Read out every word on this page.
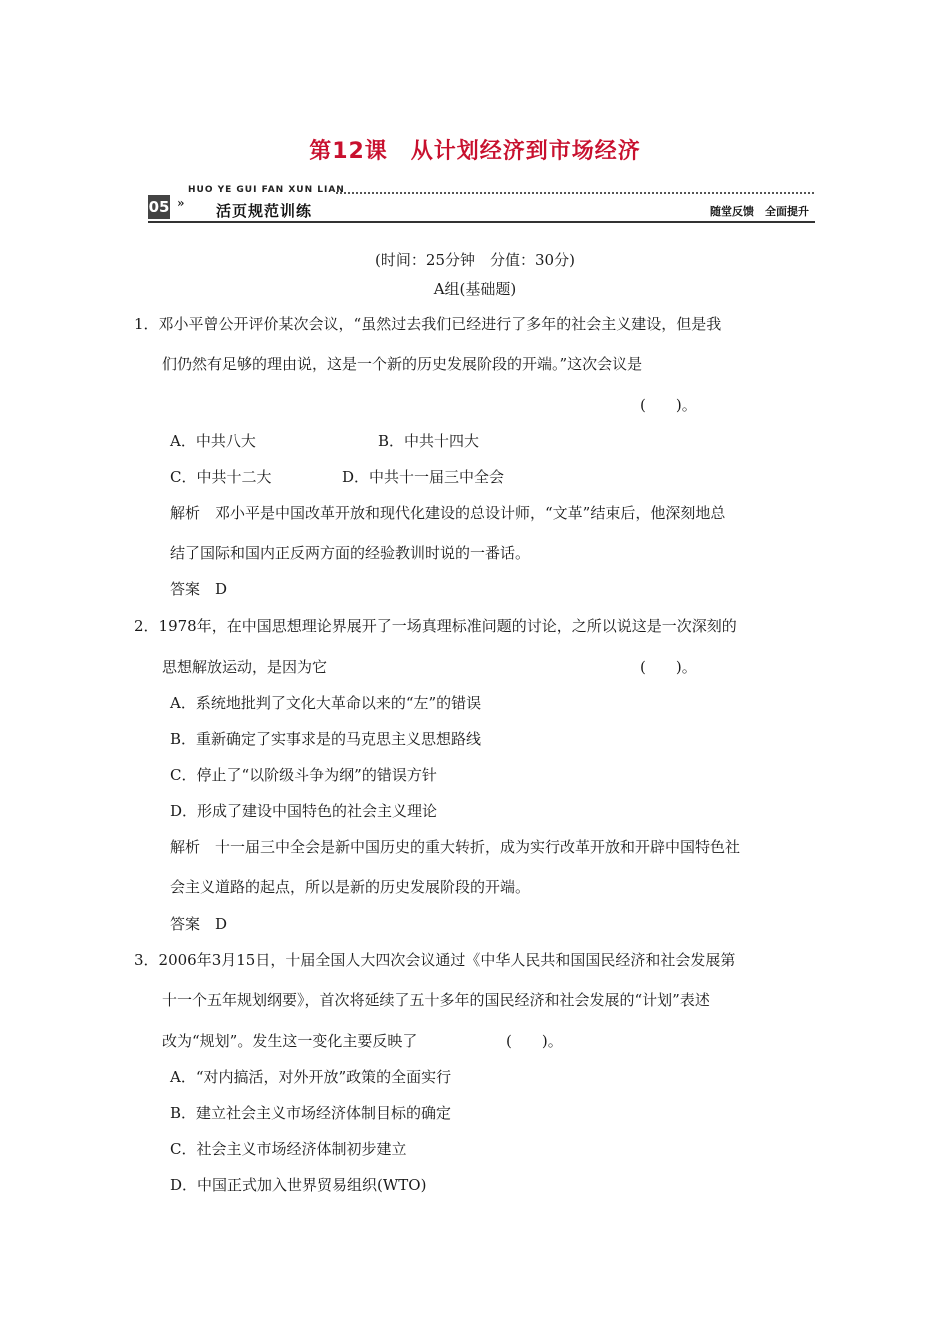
第12课　从计划经济到市场经济
HUO YE GUI FAN XUN LIAN
05 » 活页规范训练	随堂反馈　全面提升
(时间：25分钟　分值：30分)
A组(基础题)
1．邓小平曾公开评价某次会议，“虽然过去我们已经进行了多年的社会主义建设，但是我
们仍然有足够的理由说，这是一个新的历史发展阶段的开端。”这次会议是
(　　)。
A．中共八大	B．中共十四大
C．中共十二大	D．中共十一届三中全会
解析　邓小平是中国改革开放和现代化建设的总设计师，“文革”结束后，他深刻地总
结了国际和国内正反两方面的经验教训时说的一番话。
答案　D
2．1978年，在中国思想理论界展开了一场真理标准问题的讨论，之所以说这是一次深刻的
思想解放运动，是因为它	(　　)。
A．系统地批判了文化大革命以来的“左”的错误
B．重新确定了实事求是的马克思主义思想路线
C．停止了“以阶级斗争为纲”的错误方针
D．形成了建设中国特色的社会主义理论
解析　十一届三中全会是新中国历史的重大转折，成为实行改革开放和开辟中国特色社
会主义道路的起点，所以是新的历史发展阶段的开端。
答案　D
3．2006年3月15日，十届全国人大四次会议通过《中华人民共和国国民经济和社会发展第
十一个五年规划纲要》，首次将延续了五十多年的国民经济和社会发展的“计划”表述
改为“规划”。发生这一变化主要反映了	(　　)。
A．“对内搞活，对外开放”政策的全面实行
B．建立社会主义市场经济体制目标的确定
C．社会主义市场经济体制初步建立
D．中国正式加入世界贸易组织(WTO)
